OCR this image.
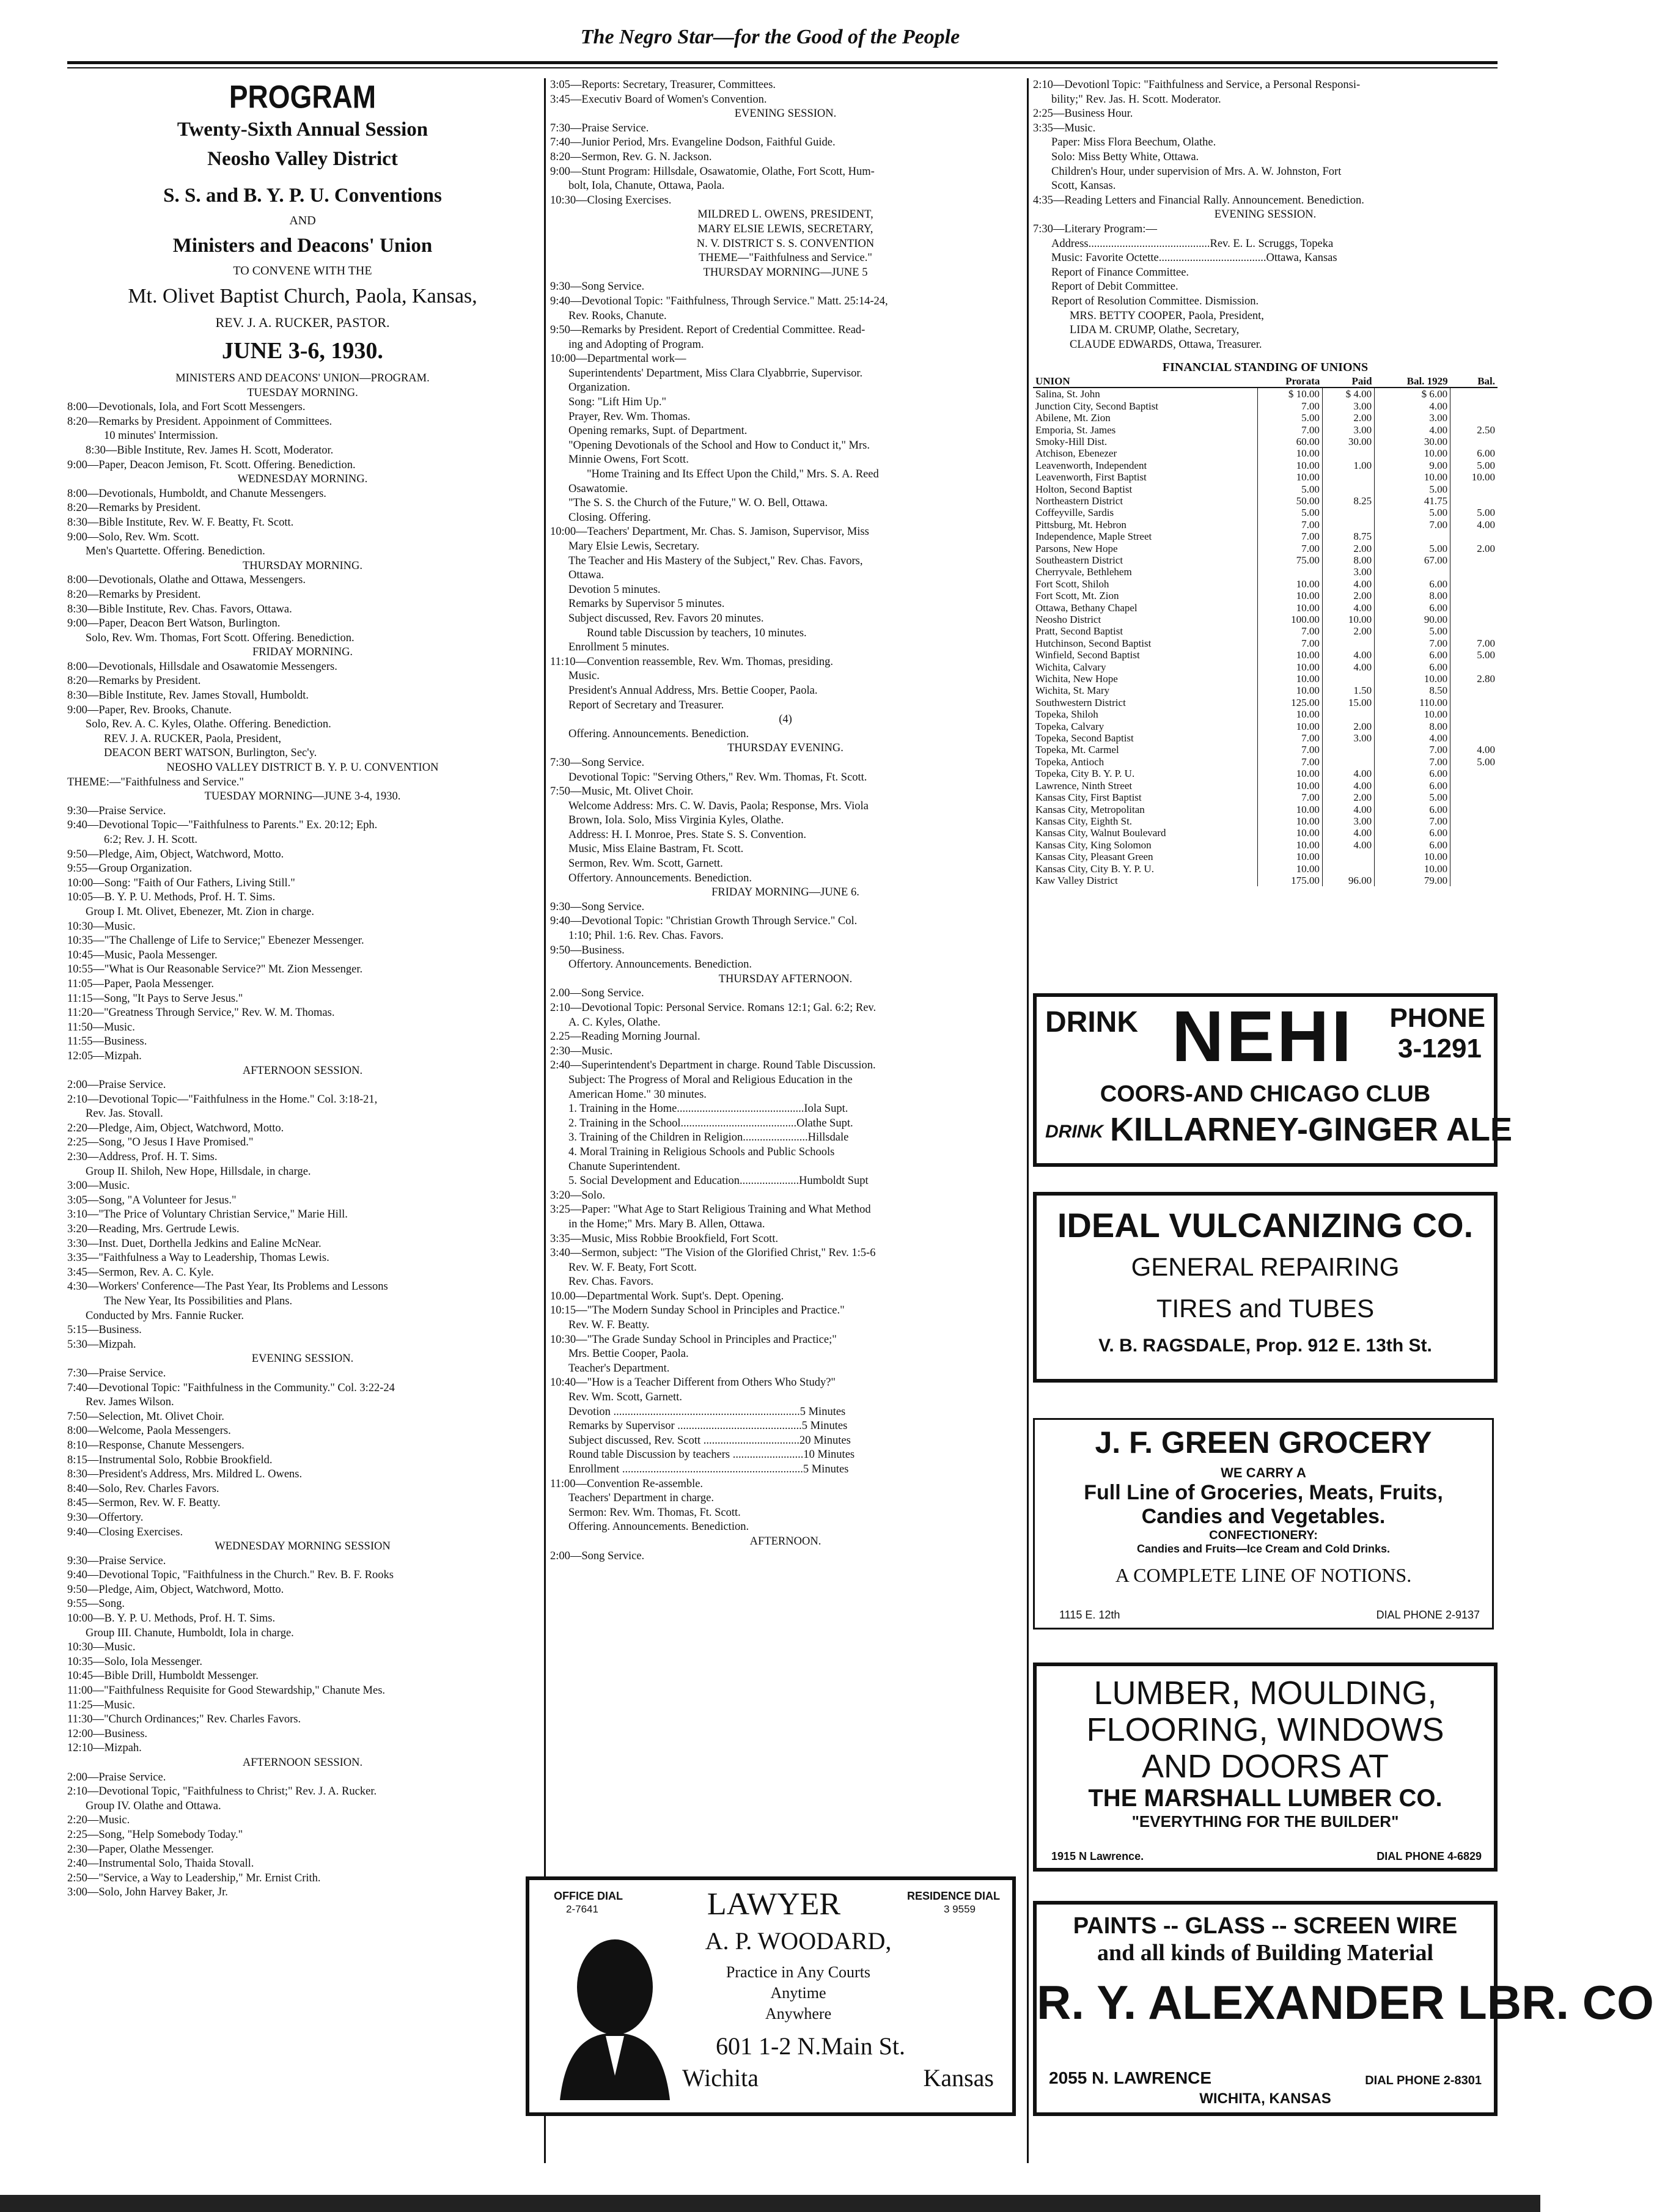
The Negro Star—for the Good of the People
PROGRAM
Twenty-Sixth Annual Session
Neosho Valley District
S. S. and B. Y. P. U. Conventions
AND
Ministers and Deacons' Union
TO CONVENE WITH THE
Mt. Olivet Baptist Church, Paola, Kansas,
REV. J. A. RUCKER, PASTOR.
JUNE 3-6, 1930.
MINISTERS AND DEACONS' UNION—PROGRAM.
TUESDAY MORNING.
8:00—Devotionals, Iola, and Fort Scott Messengers.
8:20—Remarks by President. Appoinment of Committees.
10 minutes' Intermission.
8:30—Bible Institute, Rev. James H. Scott, Moderator.
9:00—Paper, Deacon Jemison, Ft. Scott. Offering. Benediction.
WEDNESDAY MORNING.
8:00—Devotionals, Humboldt, and Chanute Messengers.
8:20—Remarks by President.
8:30—Bible Institute, Rev. W. F. Beatty, Ft. Scott.
9:00—Solo, Rev. Wm. Scott.
Men's Quartette. Offering. Benediction.
THURSDAY MORNING.
8:00—Devotionals, Olathe and Ottawa, Messengers.
8:20—Remarks by President.
8:30—Bible Institute, Rev. Chas. Favors, Ottawa.
9:00—Paper, Deacon Bert Watson, Burlington.
Solo, Rev. Wm. Thomas, Fort Scott. Offering. Benediction.
FRIDAY MORNING.
8:00—Devotionals, Hillsdale and Osawatomie Messengers.
8:20—Remarks by President.
8:30—Bible Institute, Rev. James Stovall, Humboldt.
9:00—Paper, Rev. Brooks, Chanute.
Solo, Rev. A. C. Kyles, Olathe. Offering. Benediction.
REV. J. A. RUCKER, Paola, President,
DEACON BERT WATSON, Burlington, Sec'y.
NEOSHO VALLEY DISTRICT B. Y. P. U. CONVENTION
THEME:—"Faithfulness and Service."
TUESDAY MORNING—JUNE 3-4, 1930.
9:30—Praise Service.
9:40—Devotional Topic—"Faithfulness to Parents." Ex. 20:12; Eph.
6:2; Rev. J. H. Scott.
9:50—Pledge, Aim, Object, Watchword, Motto.
9:55—Group Organization.
10:00—Song: "Faith of Our Fathers, Living Still."
10:05—B. Y. P. U. Methods, Prof. H. T. Sims.
Group I. Mt. Olivet, Ebenezer, Mt. Zion in charge.
10:30—Music.
10:35—"The Challenge of Life to Service;" Ebenezer Messenger.
10:45—Music, Paola Messenger.
10:55—"What is Our Reasonable Service?" Mt. Zion Messenger.
11:05—Paper, Paola Messenger.
11:15—Song, "It Pays to Serve Jesus."
11:20—"Greatness Through Service," Rev. W. M. Thomas.
11:50—Music.
11:55—Business.
12:05—Mizpah.
AFTERNOON SESSION.
2:00—Praise Service.
2:10—Devotional Topic—"Faithfulness in the Home." Col. 3:18-21,
Rev. Jas. Stovall.
2:20—Pledge, Aim, Object, Watchword, Motto.
2:25—Song, "O Jesus I Have Promised."
2:30—Address, Prof. H. T. Sims.
Group II. Shiloh, New Hope, Hillsdale, in charge.
3:00—Music.
3:05—Song, "A Volunteer for Jesus."
3:10—"The Price of Voluntary Christian Service," Marie Hill.
3:20—Reading, Mrs. Gertrude Lewis.
3:30—Inst. Duet, Dorthella Jedkins and Ealine McNear.
3:35—"Faithfulness a Way to Leadership, Thomas Lewis.
3:45—Sermon, Rev. A. C. Kyle.
4:30—Workers' Conference—The Past Year, Its Problems and Lessons
The New Year, Its Possibilities and Plans.
Conducted by Mrs. Fannie Rucker.
5:15—Business.
5:30—Mizpah.
EVENING SESSION.
7:30—Praise Service.
7:40—Devotional Topic: "Faithfulness in the Community." Col. 3:22-24
Rev. James Wilson.
7:50—Selection, Mt. Olivet Choir.
8:00—Welcome, Paola Messengers.
8:10—Response, Chanute Messengers.
8:15—Instrumental Solo, Robbie Brookfield.
8:30—President's Address, Mrs. Mildred L. Owens.
8:40—Solo, Rev. Charles Favors.
8:45—Sermon, Rev. W. F. Beatty.
9:30—Offertory.
9:40—Closing Exercises.
WEDNESDAY MORNING SESSION
9:30—Praise Service.
9:40—Devotional Topic, "Faithfulness in the Church." Rev. B. F. Rooks
9:50—Pledge, Aim, Object, Watchword, Motto.
9:55—Song.
10:00—B. Y. P. U. Methods, Prof. H. T. Sims.
Group III. Chanute, Humboldt, Iola in charge.
10:30—Music.
10:35—Solo, Iola Messenger.
10:45—Bible Drill, Humboldt Messenger.
11:00—"Faithfulness Requisite for Good Stewardship," Chanute Mes.
11:25—Music.
11:30—"Church Ordinances;" Rev. Charles Favors.
12:00—Business.
12:10—Mizpah.
AFTERNOON SESSION.
2:00—Praise Service.
2:10—Devotional Topic, "Faithfulness to Christ;" Rev. J. A. Rucker.
Group IV. Olathe and Ottawa.
2:20—Music.
2:25—Song, "Help Somebody Today."
2:30—Paper, Olathe Messenger.
2:40—Instrumental Solo, Thaida Stovall.
2:50—"Service, a Way to Leadership," Mr. Ernist Crith.
3:00—Solo, John Harvey Baker, Jr.
3:05—Reports: Secretary, Treasurer, Committees.
3:45—Executiv Board of Women's Convention.
EVENING SESSION.
7:30—Praise Service.
7:40—Junior Period, Mrs. Evangeline Dodson, Faithful Guide.
8:20—Sermon, Rev. G. N. Jackson.
9:00—Stunt Program: Hillsdale, Osawatomie, Olathe, Fort Scott, Hum-
bolt, Iola, Chanute, Ottawa, Paola.
10:30—Closing Exercises.
MILDRED L. OWENS, PRESIDENT,
MARY ELSIE LEWIS, SECRETARY,
N. V. DISTRICT S. S. CONVENTION
THEME—"Faithfulness and Service."
THURSDAY MORNING—JUNE 5
9:30—Song Service.
9:40—Devotional Topic: "Faithfulness, Through Service." Matt. 25:14-24,
Rev. Rooks, Chanute.
9:50—Remarks by President. Report of Credential Committee. Read-
ing and Adopting of Program.
10:00—Departmental work—
Superintendents' Department, Miss Clara Clyabbrrie, Supervisor.
Organization.
Song: "Lift Him Up."
Prayer, Rev. Wm. Thomas.
Opening remarks, Supt. of Department.
"Opening Devotionals of the School and How to Conduct it," Mrs.
Minnie Owens, Fort Scott.
"Home Training and Its Effect Upon the Child," Mrs. S. A. Reed
Osawatomie.
"The S. S. the Church of the Future," W. O. Bell, Ottawa.
Closing. Offering.
10:00—Teachers' Department, Mr. Chas. S. Jamison, Supervisor, Miss
Mary Elsie Lewis, Secretary.
The Teacher and His Mastery of the Subject," Rev. Chas. Favors,
Ottawa.
Devotion 5 minutes.
Remarks by Supervisor 5 minutes.
Subject discussed, Rev. Favors 20 minutes.
Round table Discussion by teachers, 10 minutes.
Enrollment 5 minutes.
11:10—Convention reassemble, Rev. Wm. Thomas, presiding.
Music.
President's Annual Address, Mrs. Bettie Cooper, Paola.
Report of Secretary and Treasurer.
(4)
Offering. Announcements. Benediction.
THURSDAY EVENING.
7:30—Song Service.
Devotional Topic: "Serving Others," Rev. Wm. Thomas, Ft. Scott.
7:50—Music, Mt. Olivet Choir.
Welcome Address: Mrs. C. W. Davis, Paola; Response, Mrs. Viola
Brown, Iola. Solo, Miss Virginia Kyles, Olathe.
Address: H. I. Monroe, Pres. State S. S. Convention.
Music, Miss Elaine Bastram, Ft. Scott.
Sermon, Rev. Wm. Scott, Garnett.
Offertory. Announcements. Benediction.
FRIDAY MORNING—JUNE 6.
9:30—Song Service.
9:40—Devotional Topic: "Christian Growth Through Service." Col.
1:10; Phil. 1:6. Rev. Chas. Favors.
9:50—Business.
Offertory. Announcements. Benediction.
THURSDAY AFTERNOON.
2.00—Song Service.
2:10—Devotional Topic: Personal Service. Romans 12:1; Gal. 6:2; Rev.
A. C. Kyles, Olathe.
2.25—Reading Morning Journal.
2:30—Music.
2:40—Superintendent's Department in charge. Round Table Discussion.
Subject: The Progress of Moral and Religious Education in the
American Home." 30 minutes.
1. Training in the Home.............................................Iola Supt.
2. Training in the School.........................................Olathe Supt.
3. Training of the Children in Religion.......................Hillsdale
4. Moral Training in Religious Schools and Public Schools
Chanute Superintendent.
5. Social Development and Education.....................Humboldt Supt
3:20—Solo.
3:25—Paper: "What Age to Start Religious Training and What Method
in the Home;" Mrs. Mary B. Allen, Ottawa.
3:35—Music, Miss Robbie Brookfield, Fort Scott.
3:40—Sermon, subject: "The Vision of the Glorified Christ," Rev. 1:5-6
Rev. W. F. Beaty, Fort Scott.
Rev. Chas. Favors.
10.00—Departmental Work. Supt's. Dept. Opening.
10:15—"The Modern Sunday School in Principles and Practice."
Rev. W. F. Beatty.
10:30—"The Grade Sunday School in Principles and Practice;"
Mrs. Bettie Cooper, Paola.
Teacher's Department.
10:40—"How is a Teacher Different from Others Who Study?"
Rev. Wm. Scott, Garnett.
Devotion ..................................................................5 Minutes
Remarks by Supervisor ............................................5 Minutes
Subject discussed, Rev. Scott ..................................20 Minutes
Round table Discussion by teachers .........................10 Minutes
Enrollment ................................................................5 Minutes
11:00—Convention Re-assemble.
Teachers' Department in charge.
Sermon: Rev. Wm. Thomas, Ft. Scott.
Offering. Announcements. Benediction.
AFTERNOON.
2:00—Song Service.
OFFICE DIAL
2-7641
RESIDENCE DIAL
3 9559
LAWYER
A. P. WOODARD,
Practice in Any Courts
Anytime
Anywhere
601 1-2 N.Main St.
Wichita	Kansas
2:10—Devotionl Topic: "Faithfulness and Service, a Personal Responsi-
bility;" Rev. Jas. H. Scott. Moderator.
2:25—Business Hour.
3:35—Music.
Paper: Miss Flora Beechum, Olathe.
Solo: Miss Betty White, Ottawa.
Children's Hour, under supervision of Mrs. A. W. Johnston, Fort
Scott, Kansas.
4:35—Reading Letters and Financial Rally. Announcement. Benediction.
EVENING SESSION.
7:30—Literary Program:—
Address...........................................Rev. E. L. Scruggs, Topeka
Music: Favorite Octette......................................Ottawa, Kansas
Report of Finance Committee.
Report of Debit Committee.
Report of Resolution Committee. Dismission.
MRS. BETTY COOPER, Paola, President,
LIDA M. CRUMP, Olathe, Secretary,
CLAUDE EDWARDS, Ottawa, Treasurer.
FINANCIAL STANDING OF UNIONS
UNION	Prorata	Paid	Bal. 1929	Bal.
Salina, St. John	$ 10.00	$ 4.00	$ 6.00	
Junction City, Second Baptist	7.00	3.00	4.00	
Abilene, Mt. Zion	5.00	2.00	3.00	
Emporia, St. James	7.00	3.00	4.00	2.50
Smoky-Hill Dist.	60.00	30.00	30.00	
Atchison, Ebenezer	10.00		10.00	6.00
Leavenworth, Independent	10.00	1.00	9.00	5.00
Leavenworth, First Baptist	10.00		10.00	10.00
Holton, Second Baptist	5.00		5.00	
Northeastern District	50.00	8.25	41.75	
Coffeyville, Sardis	5.00		5.00	5.00
Pittsburg, Mt. Hebron	7.00		7.00	4.00
Independence, Maple Street	7.00	8.75		
Parsons, New Hope	7.00	2.00	5.00	2.00
Southeastern District	75.00	8.00	67.00	
Cherryvale, Bethlehem		3.00		
Fort Scott, Shiloh	10.00	4.00	6.00	
Fort Scott, Mt. Zion	10.00	2.00	8.00	
Ottawa, Bethany Chapel	10.00	4.00	6.00	
Neosho District	100.00	10.00	90.00	
Pratt, Second Baptist	7.00	2.00	5.00	
Hutchinson, Second Baptist	7.00		7.00	7.00
Winfield, Second Baptist	10.00	4.00	6.00	5.00
Wichita, Calvary	10.00	4.00	6.00	
Wichita, New Hope	10.00		10.00	2.80
Wichita, St. Mary	10.00	1.50	8.50	
Southwestern District	125.00	15.00	110.00	
Topeka, Shiloh	10.00		10.00	
Topeka, Calvary	10.00	2.00	8.00	
Topeka, Second Baptist	7.00	3.00	4.00	
Topeka, Mt. Carmel	7.00		7.00	4.00
Topeka, Antioch	7.00		7.00	5.00
Topeka, City B. Y. P. U.	10.00	4.00	6.00	
Lawrence, Ninth Street	10.00	4.00	6.00	
Kansas City, First Baptist	7.00	2.00	5.00	
Kansas City, Metropolitan	10.00	4.00	6.00	
Kansas City, Eighth St.	10.00	3.00	7.00	
Kansas City, Walnut Boulevard	10.00	4.00	6.00	
Kansas City, King Solomon	10.00	4.00	6.00	
Kansas City, Pleasant Green	10.00		10.00	
Kansas City, City B. Y. P. U.	10.00		10.00	
Kaw Valley District	175.00	96.00	79.00	
DRINK NEHI	PHONE
3-1291
COORS-AND CHICAGO CLUB
DRINK KILLARNEY-GINGER ALE
IDEAL VULCANIZING CO.
GENERAL REPAIRING
TIRES and TUBES
V. B. RAGSDALE, Prop. 912 E. 13th St.
J. F. GREEN GROCERY
WE CARRY A
Full Line of Groceries, Meats, Fruits,
Candies and Vegetables.
CONFECTIONERY:
Candies and Fruits—Ice Cream and Cold Drinks.
A COMPLETE LINE OF NOTIONS.
1115 E. 12th	DIAL PHONE 2-9137
LUMBER, MOULDING,
FLOORING, WINDOWS
AND DOORS AT
THE MARSHALL LUMBER CO.
"EVERYTHING FOR THE BUILDER"
1915 N Lawrence.	DIAL PHONE 4-6829
PAINTS -- GLASS -- SCREEN WIRE
and all kinds of Building Material
R. Y. ALEXANDER LBR. CO
2055 N. LAWRENCE	DIAL PHONE 2-8301
WICHITA, KANSAS
